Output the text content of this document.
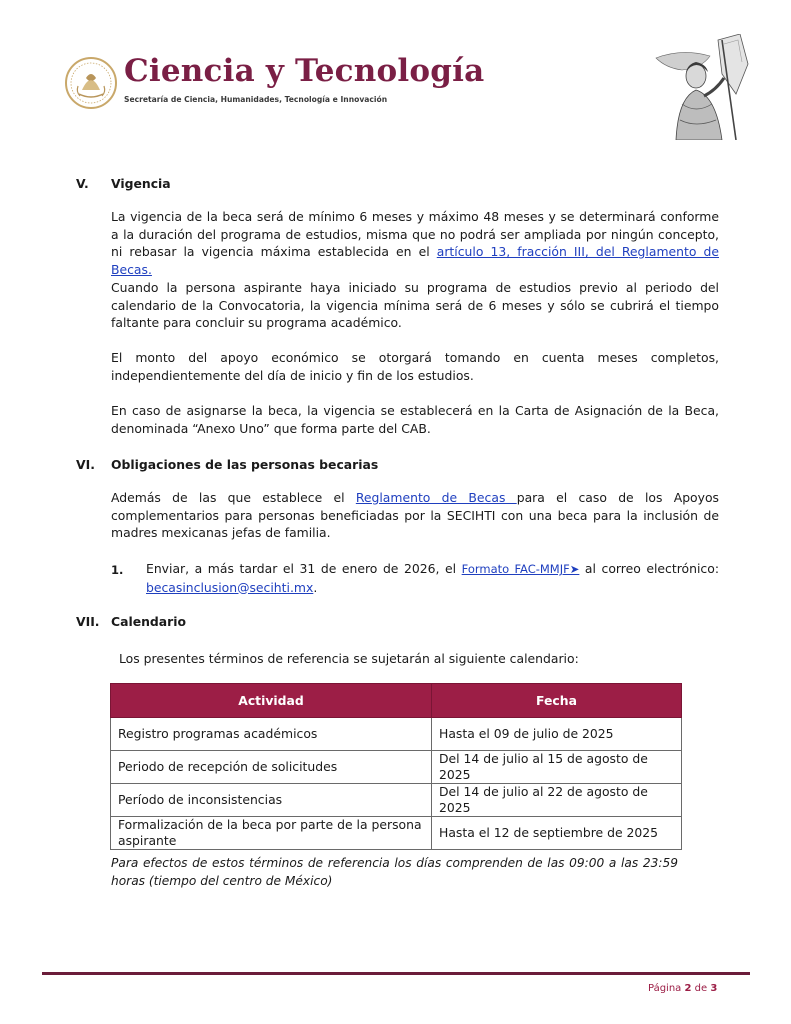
Ciencia y Tecnología
Secretaría de Ciencia, Humanidades, Tecnología e Innovación
V. Vigencia
La vigencia de la beca será de mínimo 6 meses y máximo 48 meses y se determinará conforme a la duración del programa de estudios, misma que no podrá ser ampliada por ningún concepto, ni rebasar la vigencia máxima establecida en el artículo 13, fracción III, del Reglamento de Becas.
Cuando la persona aspirante haya iniciado su programa de estudios previo al periodo del calendario de la Convocatoria, la vigencia mínima será de 6 meses y sólo se cubrirá el tiempo faltante para concluir su programa académico.
El monto del apoyo económico se otorgará tomando en cuenta meses completos, independientemente del día de inicio y fin de los estudios.
En caso de asignarse la beca, la vigencia se establecerá en la Carta de Asignación de la Beca, denominada “Anexo Uno” que forma parte del CAB.
VI. Obligaciones de las personas becarias
Además de las que establece el Reglamento de Becas para el caso de los Apoyos complementarios para personas beneficiadas por la SECIHTI con una beca para la inclusión de madres mexicanas jefas de familia.
1. Enviar, a más tardar el 31 de enero de 2026, el Formato FAC-MMJF➤ al correo electrónico: becasinclusion@secihti.mx.
VII. Calendario
Los presentes términos de referencia se sujetarán al siguiente calendario:
Actividad	Fecha
Registro programas académicos	Hasta el 09 de julio de 2025
Periodo de recepción de solicitudes	Del 14 de julio al 15 de agosto de 2025
Período de inconsistencias	Del 14 de julio al 22 de agosto de 2025
Formalización de la beca por parte de la persona aspirante	Hasta el 12 de septiembre de 2025
Para efectos de estos términos de referencia los días comprenden de las 09:00 a las 23:59 horas (tiempo del centro de México)
Página 2 de 3
